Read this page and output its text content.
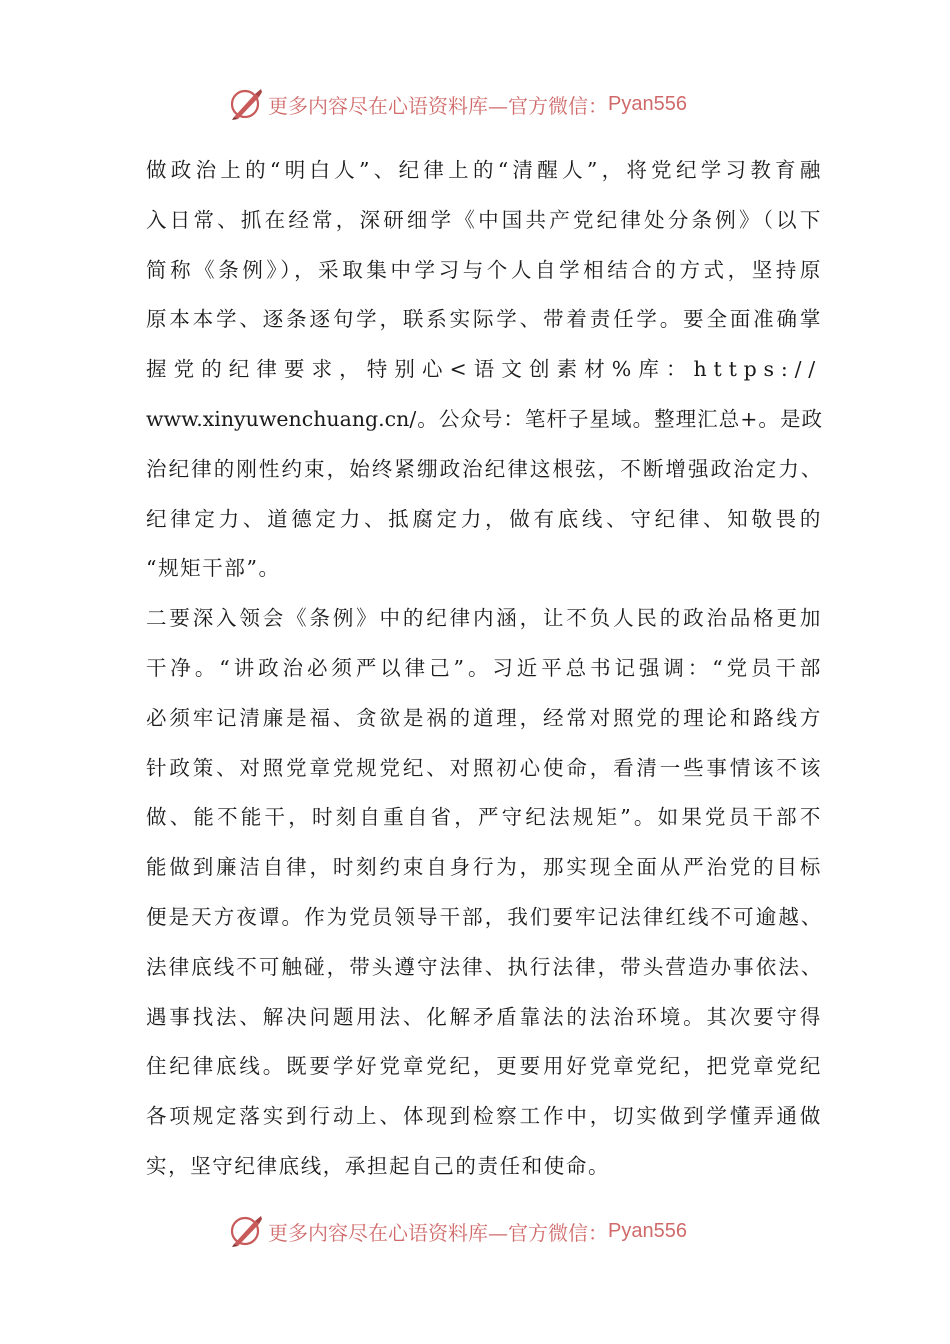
更多内容尽在心语资料库—官方微信： Pyan556
做政治上的“明白人”、纪律上的“清醒人”，将党纪学习教育融
入日常、抓在经常，深研细学《中国共产党纪律处分条例》（以下
简称《条例》），采取集中学习与个人自学相结合的方式，坚持原
原本本学、逐条逐句学，联系实际学、带着责任学。要全面准确掌
握党的纪律要求，特别心<语文创素材%库：https://
www.xinyuwenchuang.cn/。公众号：笔杆子星域。整理汇总+。是政
治纪律的刚性约束，始终紧绷政治纪律这根弦，不断增强政治定力、
纪律定力、道德定力、抵腐定力，做有底线、守纪律、知敬畏的
“规矩干部”。
二要深入领会《条例》中的纪律内涵，让不负人民的政治品格更加
干净。“讲政治必须严以律己”。习近平总书记强调：“党员干部
必须牢记清廉是福、贪欲是祸的道理，经常对照党的理论和路线方
针政策、对照党章党规党纪、对照初心使命，看清一些事情该不该
做、能不能干，时刻自重自省，严守纪法规矩”。如果党员干部不
能做到廉洁自律，时刻约束自身行为，那实现全面从严治党的目标
便是天方夜谭。作为党员领导干部，我们要牢记法律红线不可逾越、
法律底线不可触碰，带头遵守法律、执行法律，带头营造办事依法、
遇事找法、解决问题用法、化解矛盾靠法的法治环境。其次要守得
住纪律底线。既要学好党章党纪，更要用好党章党纪，把党章党纪
各项规定落实到行动上、体现到检察工作中，切实做到学懂弄通做
实，坚守纪律底线，承担起自己的责任和使命。
更多内容尽在心语资料库—官方微信： Pyan556
